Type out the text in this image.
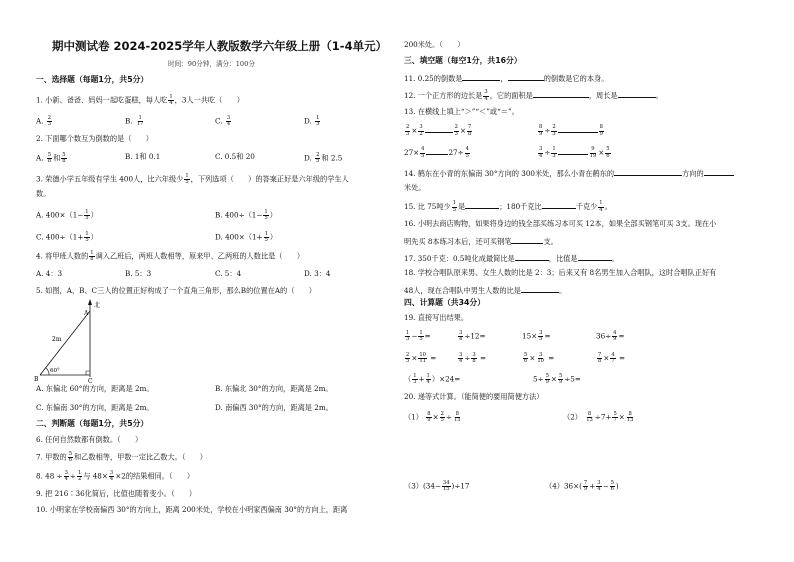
期中测试卷 2024-2025学年人教版数学六年级上册（1-4单元）
时间：90分钟，满分：100分
一、选择题（每题1分，共5分）
1. 小新、爸爸、妈妈一起吃蛋糕，每人吃 $\frac{1}{4}$ ，3人一共吃（　　）
A. $\frac{2}{3}$	B. $\frac{1}{17}$	C. $\frac{3}{4}$	D. $\frac{1}{3}$
2. 下面哪个数互为倒数的是（　　）
A. $\frac{5}{8}$ 和 $\frac{5}{8}$	B. 1和 0.1	C. 0.5和 20	D. $\frac{2}{5}$ 和 2.5
3. 荣德小学五年级有学生 400人，比六年级少 $\frac{1}{5}$ ，下列选项（　　）的答案正好是六年级的学生人
数。
A. $400\times(1- \frac{1}{5}$ ）	B. $400\div(1- \frac{1}{5}$ ）
C. $400\div(1+ \frac{1}{5}$ ）	D. $400\times(1+ \frac{1}{5}$ ）
4. 将甲班人数的 $\frac{1}{8}$ 调入乙班后，两班人数相等，原来甲、乙两班的人数比是（　　）
A. 4：3	B. 5：3	C. 5：4	D. 3：4
5. 如图，A、B、C三人的位置正好构成了一个直角三角形，那么B的位置在A的（　　）
北
A
B	C
2m
60°
A. 东偏北 60°的方向，距离是 2m。	B. 东偏北 30°的方向，距离是 2m。
C. 东偏南 30°的方向，距离是 2m。	D. 南偏西 30°的方向，距离是 2m。
二、判断题（每题1分，共5分）
6. 任何自然数都有倒数。（　　）
7. 甲数的 $\frac{5}{6}$ 和乙数相等，甲数一定比乙数大。（　　）
8. $48 \div \frac{3}{4} \div \frac{1}{2}$ 与 $48\times \frac{3}{4} \times 2$的结果相同。（　　）
9. 把 216∶36化简后，比值也随着变小。（　　）
10. 小明家在学校南偏西 30°的方向上，距离 200米处，学校在小明家西偏南 30°的方向上，距离
200米处。（　　）
三、填空题（每空1分，共16分）
11. 0.25的倒数是	，	的倒数是它的本身。
12. 一个正方形的边长是 $\frac{3}{4}$ ，它的面积是	，周长是	。
13. 在横线上填上“＞”“＜”或“＝”。
$\frac{2}{3} \times \frac{3}{2}$	$\frac{2}{3} \times \frac{7}{8}$	$\frac{8}{9} \div \frac{2}{3}$	$\frac{8}{9}$
$27\times \frac{4}{5}$	$27\div \frac{4}{5}$	$\frac{3}{4} \div \frac{1}{3}$	$\frac{9}{19} \times \frac{5}{6}$
14. 鹤东在小青的东偏南 30°方向的 300米处，那么小青在鹤东的	方向的
米处。
15. 比 75吨少 $\frac{1}{5}$ 是	；180千克比	千克少 $\frac{1}{4}$ 。
16. 小明去商店购物，如果将身边的钱全部买练习本可买 12本，如果全部买钢笔可买 3支。现在小
明先买 8本练习本后，还可买钢笔	支。
17. 350千克：0.5吨化成最简比是	，比值是	。
18. 学校合唱队原来男、女生人数的比是 2：3；后来又有 8名男生加入合唱队，这时合唱队正好有
48人，现在合唱队中男生人数的比是	。
四、计算题（共34分）
19. 直接写出结果。
$\frac{1}{3} - \frac{1}{5}$ =	$\frac{3}{4} \div 12=$	$15\times \frac{3}{5}$ =	$36\div \frac{4}{9}$ =
$\frac{2}{5} \times \frac{10}{11}$ =	$\frac{3}{4} \div \frac{3}{8}$ =	$\frac{5}{6} \times \frac{3}{10}$ =	$\frac{7}{8} \times \frac{4}{7}$ =
（ $\frac{1}{3} + \frac{1}{4} )\times 24=$	$5\div \frac{5}{9} \times \frac{5}{9} \div 5=$
20. 递等式计算。（能简便的要用简便方法）
$(1) \frac{8}{9} \times \frac{2}{5} \div \frac{8}{15}$	$(2) \frac{8}{13} \div 7+ \frac{5}{7} \times \frac{8}{13}$
$(3)(34- \frac{34}{15} )\div 17$	$(4)36\times( \frac{7}{9} + \frac{3}{4} - \frac{5}{6}$ )
